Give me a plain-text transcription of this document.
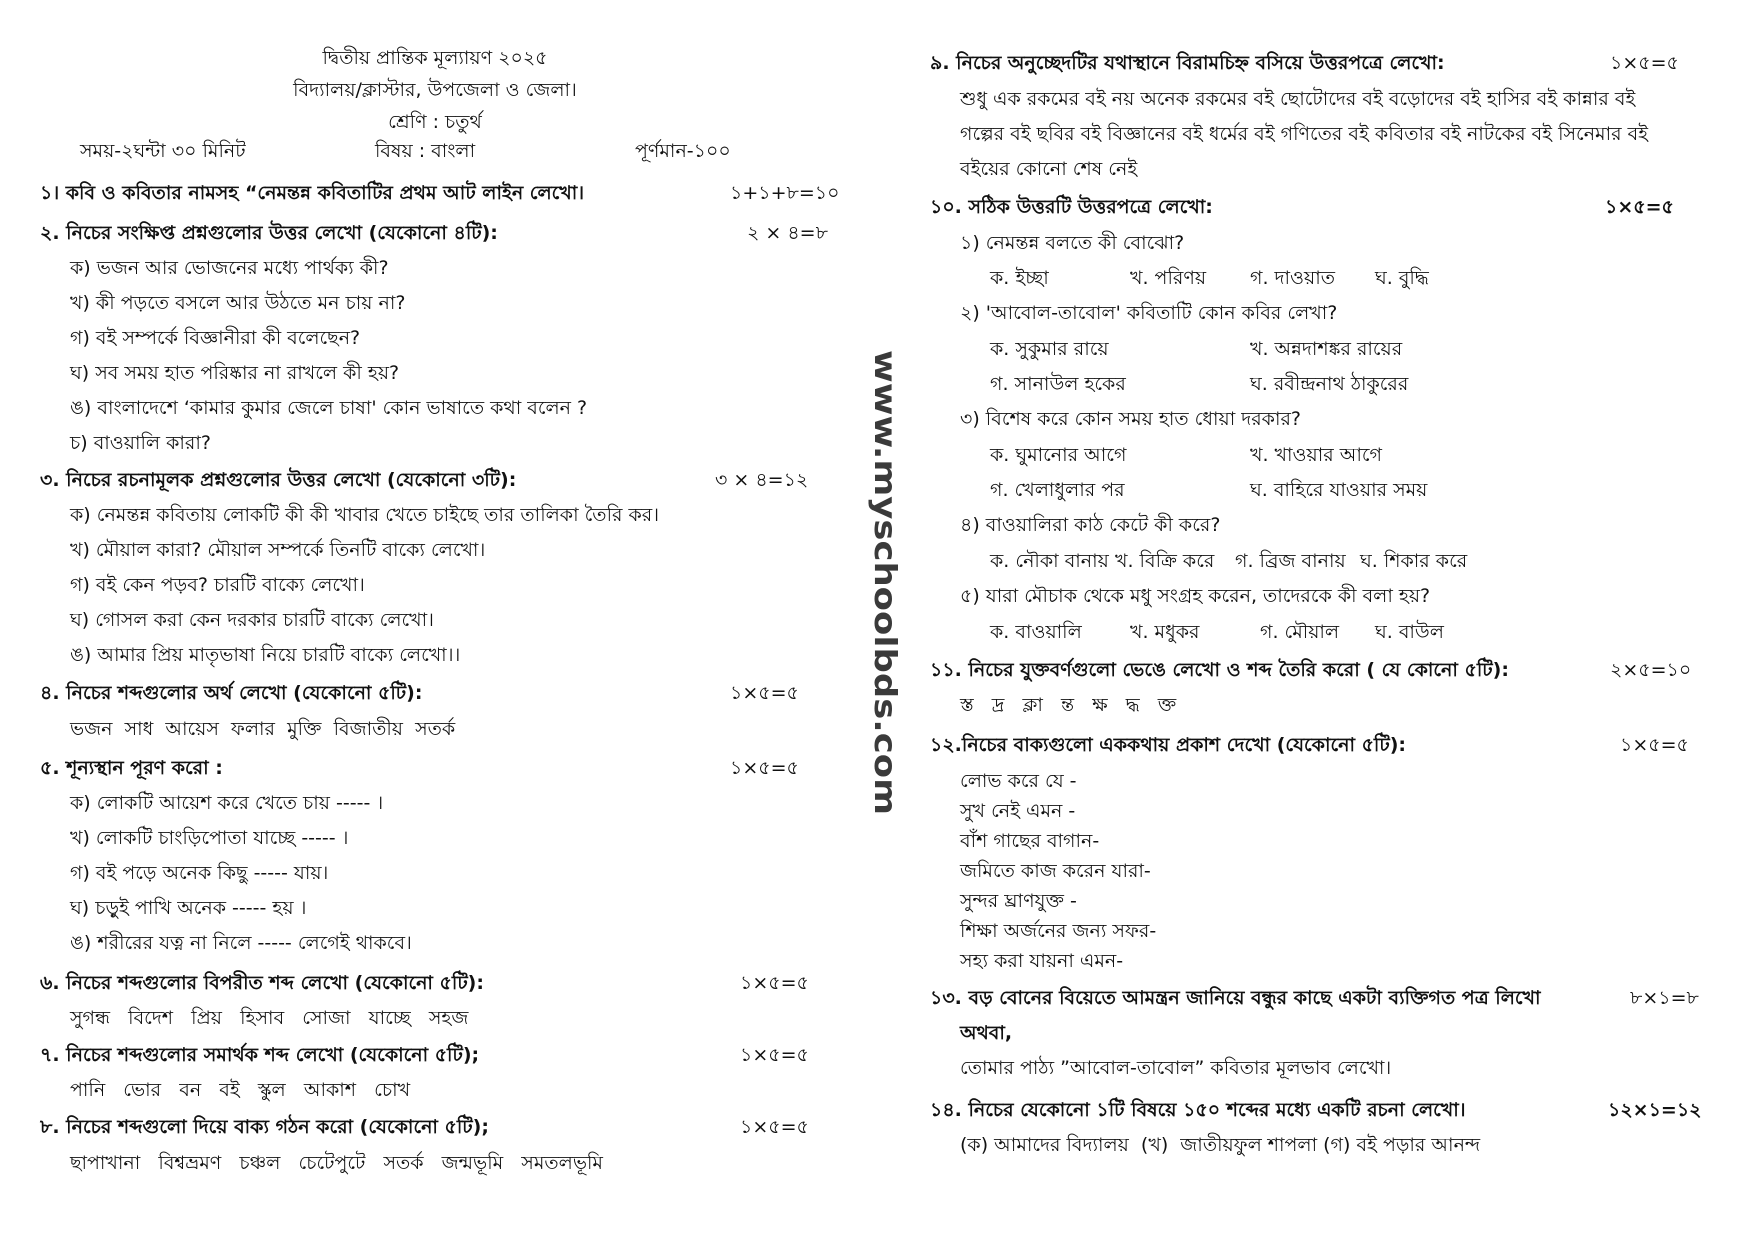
দ্বিতীয় প্রান্তিক মূল্যায়ণ ২০২৫
বিদ্যালয়/ক্লাস্টার, উপজেলা ও জেলা।
শ্রেণি : চতুর্থ
সময়-২ঘন্টা ৩০ মিনিট	বিষয় : বাংলা	পূর্ণমান-১০০
১। কবি ও কবিতার নামসহ “নেমন্তন্ন কবিতাটির প্রথম আট লাইন লেখো।	১+১+৮=১০
২. নিচের সংক্ষিপ্ত প্রশ্নগুলোর উত্তর লেখো (যেকোনো ৪টি):	২ × ৪=৮
ক) ভজন আর ভোজনের মধ্যে পার্থক্য কী?
খ) কী পড়তে বসলে আর উঠতে মন চায় না?
গ) বই সম্পর্কে বিজ্ঞানীরা কী বলেছেন?
ঘ) সব সময় হাত পরিষ্কার না রাখলে কী হয়?
ঙ) বাংলাদেশে ‘কামার কুমার জেলে চাষা' কোন ভাষাতে কথা বলেন ?
চ) বাওয়ালি কারা?
৩. নিচের রচনামূলক প্রশ্নগুলোর উত্তর লেখো (যেকোনো ৩টি):	৩ × ৪=১২
ক) নেমন্তন্ন কবিতায় লোকটি কী কী খাবার খেতে চাইছে তার তালিকা তৈরি কর।
খ) মৌয়াল কারা? মৌয়াল সম্পর্কে তিনটি বাক্যে লেখো।
গ) বই কেন পড়ব? চারটি বাক্যে লেখো।
ঘ) গোসল করা কেন দরকার চারটি বাক্যে লেখো।
ঙ) আমার প্রিয় মাতৃভাষা নিয়ে চারটি বাক্যে লেখো।।
৪. নিচের শব্দগুলোর অর্থ লেখো (যেকোনো ৫টি):	১×৫=৫
ভজন  সাধ  আয়েস  ফলার  মুক্তি  বিজাতীয়  সতর্ক
৫. শূন্যস্থান পূরণ করো :	১×৫=৫
ক) লোকটি আয়েশ করে খেতে চায় ----- ।
খ) লোকটি চাংড়িপোতা যাচ্ছে ----- ।
গ) বই পড়ে অনেক কিছু ----- যায়।
ঘ) চড়ুই পাখি অনেক ----- হয় ।
ঙ) শরীরের যত্ন না নিলে ----- লেগেই থাকবে।
৬. নিচের শব্দগুলোর বিপরীত শব্দ লেখো (যেকোনো ৫টি):	১×৫=৫
সুগন্ধ   বিদেশ   প্রিয়   হিসাব   সোজা   যাচ্ছে   সহজ
৭. নিচের শব্দগুলোর সমার্থক শব্দ লেখো (যেকোনো ৫টি);	১×৫=৫
পানি   ভোর   বন   বই   স্কুল   আকাশ   চোখ
৮. নিচের শব্দগুলো দিয়ে বাক্য গঠন করো (যেকোনো ৫টি);	১×৫=৫
ছাপাখানা   বিশ্বভ্রমণ   চঞ্চল   চেটেপুটে   সতর্ক   জন্মভূমি   সমতলভূমি
www.myschoolbds.com
৯. নিচের অনুচ্ছেদটির যথাস্থানে বিরামচিহ্ন বসিয়ে উত্তরপত্রে লেখো:	১×৫=৫
শুধু এক রকমের বই নয় অনেক রকমের বই ছোটোদের বই বড়োদের বই হাসির বই কান্নার বই
গল্পের বই ছবির বই বিজ্ঞানের বই ধর্মের বই গণিতের বই কবিতার বই নাটকের বই সিনেমার বই
বইয়ের কোনো শেষ নেই
১০. সঠিক উত্তরটি উত্তরপত্রে লেখো:	১×৫=৫
১) নেমন্তন্ন বলতে কী বোঝো?
ক. ইচ্ছা	খ. পরিণয় গ. দাওয়াত ঘ. বুদ্ধি
২) 'আবোল-তাবোল' কবিতাটি কোন কবির লেখা?
ক. সুকুমার রায়ে	খ. অন্নদাশঙ্কর রায়ের
গ. সানাউল হকের	ঘ. রবীন্দ্রনাথ ঠাকুরের
৩) বিশেষ করে কোন সময় হাত ধোয়া দরকার?
ক. ঘুমানোর আগে	খ. খাওয়ার আগে
গ. খেলাধুলার পর	ঘ. বাহিরে যাওয়ার সময়
৪) বাওয়ালিরা কাঠ কেটে কী করে?
ক. নৌকা বানায় খ. বিক্রি করে গ. ব্রিজ বানায় ঘ. শিকার করে
৫) যারা মৌচাক থেকে মধু সংগ্রহ করেন, তাদেরকে কী বলা হয়?
ক. বাওয়ালি	খ. মধুকর	গ. মৌয়াল ঘ. বাউল
১১. নিচের যুক্তবর্ণগুলো ভেঙে লেখো ও শব্দ তৈরি করো ( যে কোনো ৫টি):	২×৫=১০
স্ত   দ্র   ক্লা   ন্ত   ক্ষ   দ্ধ   ক্ত
১২.নিচের বাক্যগুলো এককথায় প্রকাশ দেখো (যেকোনো ৫টি):	১×৫=৫
লোভ করে যে -
সুখ নেই এমন -
বাঁশ গাছের বাগান-
জমিতে কাজ করেন যারা-
সুন্দর ঘ্রাণযুক্ত -
শিক্ষা অর্জনের জন্য সফর-
সহ্য করা যায়না এমন-
১৩. বড় বোনের বিয়েতে আমন্ত্রন জানিয়ে বন্ধুর কাছে একটা ব্যক্তিগত পত্র লিখো	৮×১=৮
অথবা,
তোমার পাঠ্য ”আবোল-তাবোল” কবিতার মূলভাব লেখো।
১৪. নিচের যেকোনো ১টি বিষয়ে ১৫০ শব্দের মধ্যে একটি রচনা লেখো।	১২×১=১২
(ক) আমাদের বিদ্যালয়  (খ)  জাতীয়ফুল শাপলা (গ) বই পড়ার আনন্দ
